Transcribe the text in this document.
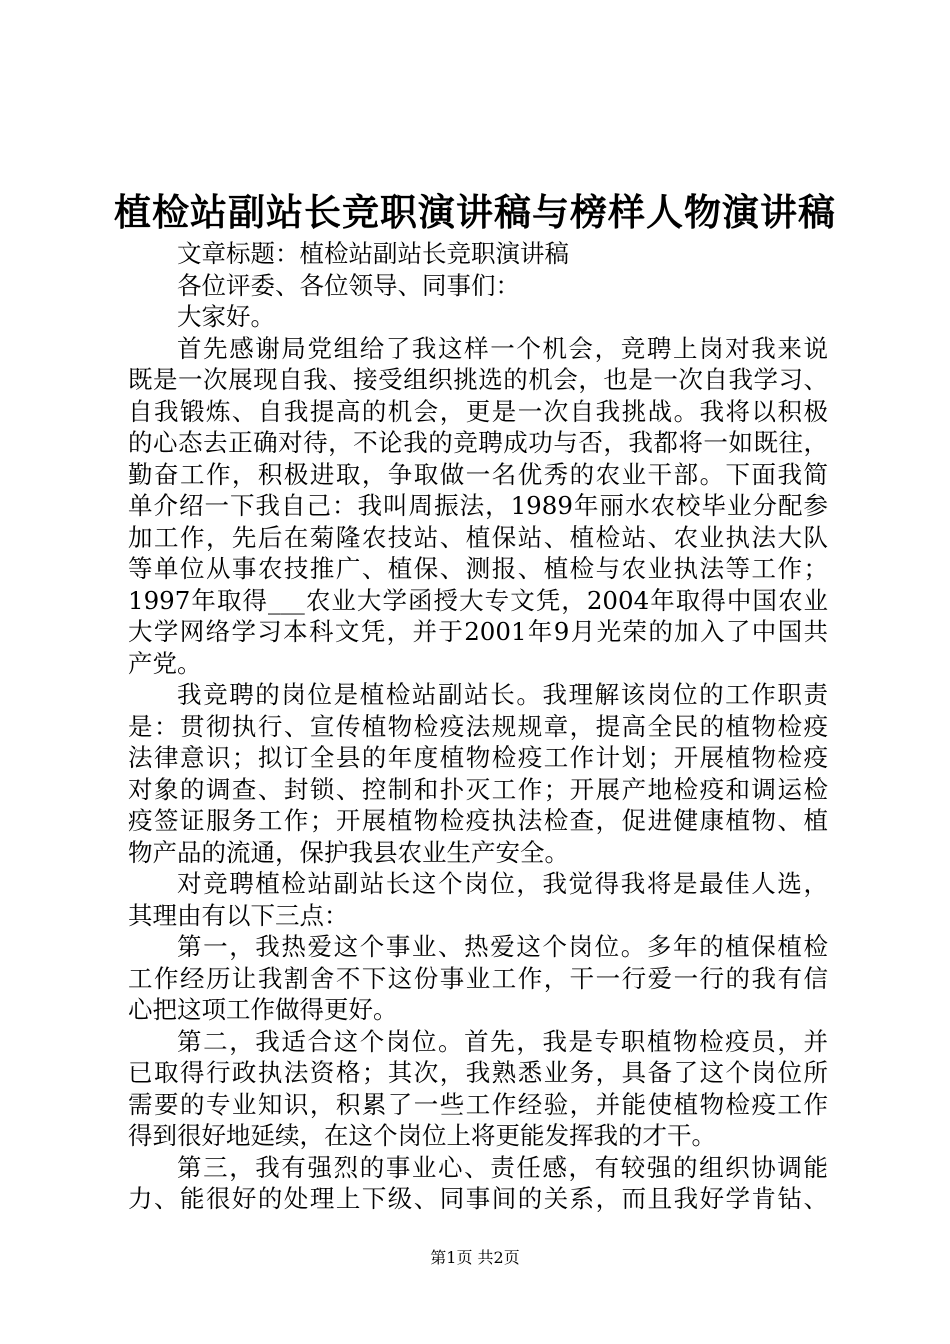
植检站副站长竞职演讲稿与榜样人物演讲稿
文章标题：植检站副站长竞职演讲稿
各位评委、各位领导、同事们：
大家好。
首先感谢局党组给了我这样一个机会，竞聘上岗对我来说
既是一次展现自我、接受组织挑选的机会，也是一次自我学习、
自我锻炼、自我提高的机会，更是一次自我挑战。我将以积极
的心态去正确对待，不论我的竞聘成功与否，我都将一如既往，
勤奋工作，积极进取，争取做一名优秀的农业干部。下面我简
单介绍一下我自己：我叫周振法，1989年丽水农校毕业分配参
加工作，先后在菊隆农技站、植保站、植检站、农业执法大队
等单位从事农技推广、植保、测报、植检与农业执法等工作；
1997年取得___农业大学函授大专文凭，2004年取得中国农业
大学网络学习本科文凭，并于2001年9月光荣的加入了中国共
产党。
我竞聘的岗位是植检站副站长。我理解该岗位的工作职责
是：贯彻执行、宣传植物检疫法规规章，提高全民的植物检疫
法律意识；拟订全县的年度植物检疫工作计划；开展植物检疫
对象的调查、封锁、控制和扑灭工作；开展产地检疫和调运检
疫签证服务工作；开展植物检疫执法检查，促进健康植物、植
物产品的流通，保护我县农业生产安全。
对竞聘植检站副站长这个岗位，我觉得我将是最佳人选，
其理由有以下三点：
第一，我热爱这个事业、热爱这个岗位。多年的植保植检
工作经历让我割舍不下这份事业工作，干一行爱一行的我有信
心把这项工作做得更好。
第二，我适合这个岗位。首先，我是专职植物检疫员，并
已取得行政执法资格；其次，我熟悉业务，具备了这个岗位所
需要的专业知识，积累了一些工作经验，并能使植物检疫工作
得到很好地延续，在这个岗位上将更能发挥我的才干。
第三，我有强烈的事业心、责任感，有较强的组织协调能
力、能很好的处理上下级、同事间的关系，而且我好学肯钻、
第1页 共2页
